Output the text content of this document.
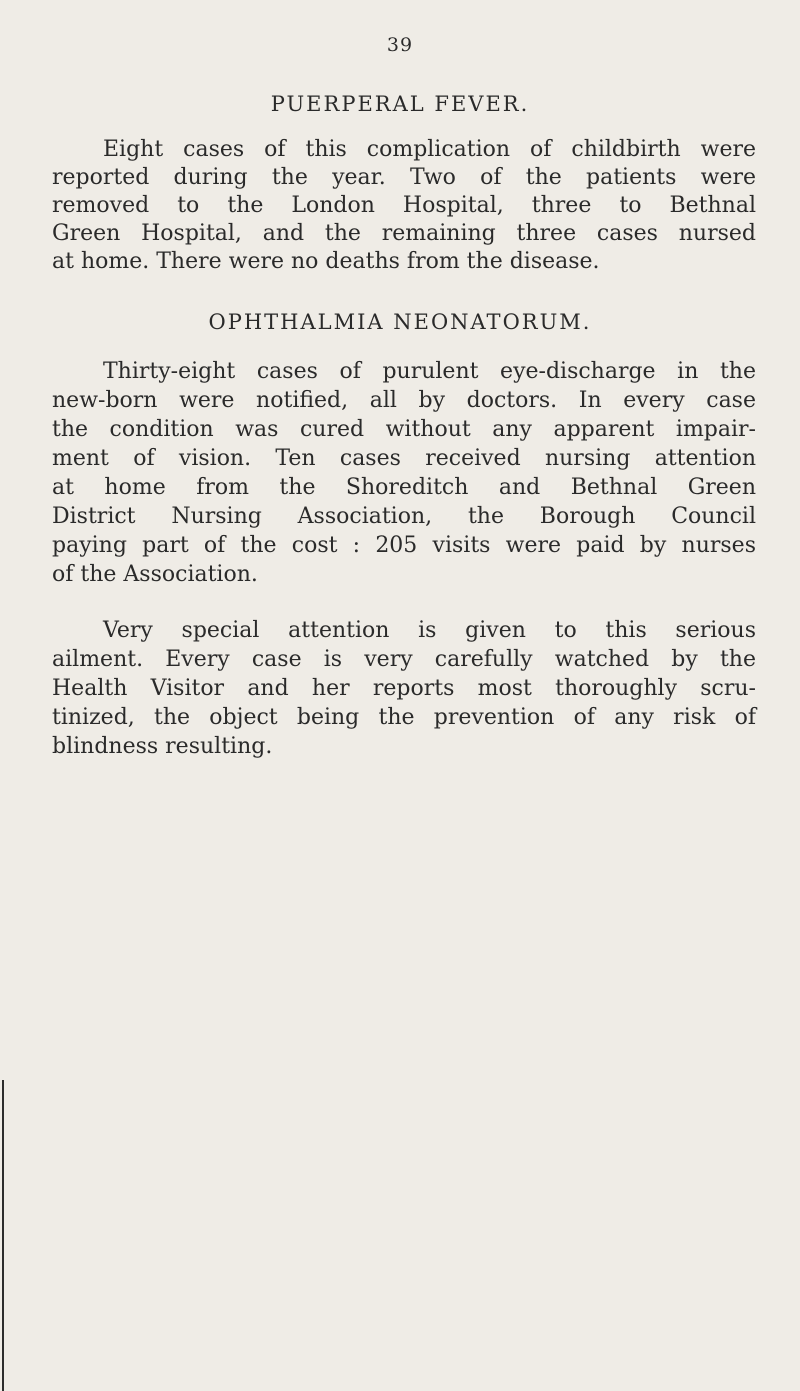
39
PUERPERAL FEVER.
Eight cases of this complication of childbirth were
reported during the year. Two of the patients were
removed to the London Hospital, three to Bethnal
Green Hospital, and the remaining three cases nursed
at home. There were no deaths from the disease.
OPHTHALMIA NEONATORUM.
Thirty-eight cases of purulent eye-discharge in the
new-born were notified, all by doctors. In every case
the condition was cured without any apparent impair-
ment of vision. Ten cases received nursing attention
at home from the Shoreditch and Bethnal Green
District Nursing Association, the Borough Council
paying part of the cost : 205 visits were paid by nurses
of the Association.
Very special attention is given to this serious
ailment. Every case is very carefully watched by the
Health Visitor and her reports most thoroughly scru-
tinized, the object being the prevention of any risk of
blindness resulting.
